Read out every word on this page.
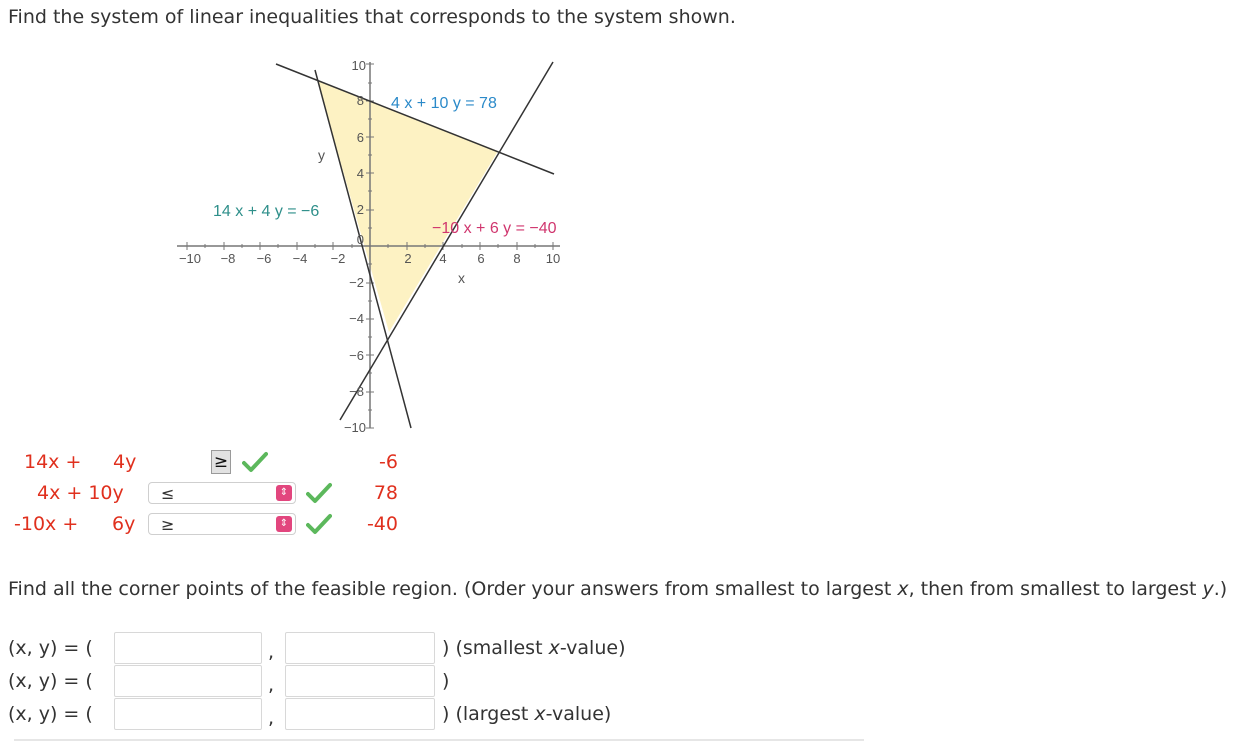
Find the system of linear inequalities that corresponds to the system shown.
−10 −8 −6 −4 −2	2 4 6 8 10
10
8
6
4
2
0
−2
−4
−6
−8
−10
y
x
4 x + 10 y = 78
14 x + 4 y = −6
−10 x + 6 y = −40
14x + 4y	≥	-6
4x + 10y ≤	⇕	78
-10x + 6y ≥	⇕	-40
Find all the corner points of the feasible region. (Order your answers from smallest to largest x, then from smallest to largest y.)
(x, y) = (	,	) (smallest x-value)
(x, y) = (	,	)
(x, y) = (	,	) (largest x-value)
